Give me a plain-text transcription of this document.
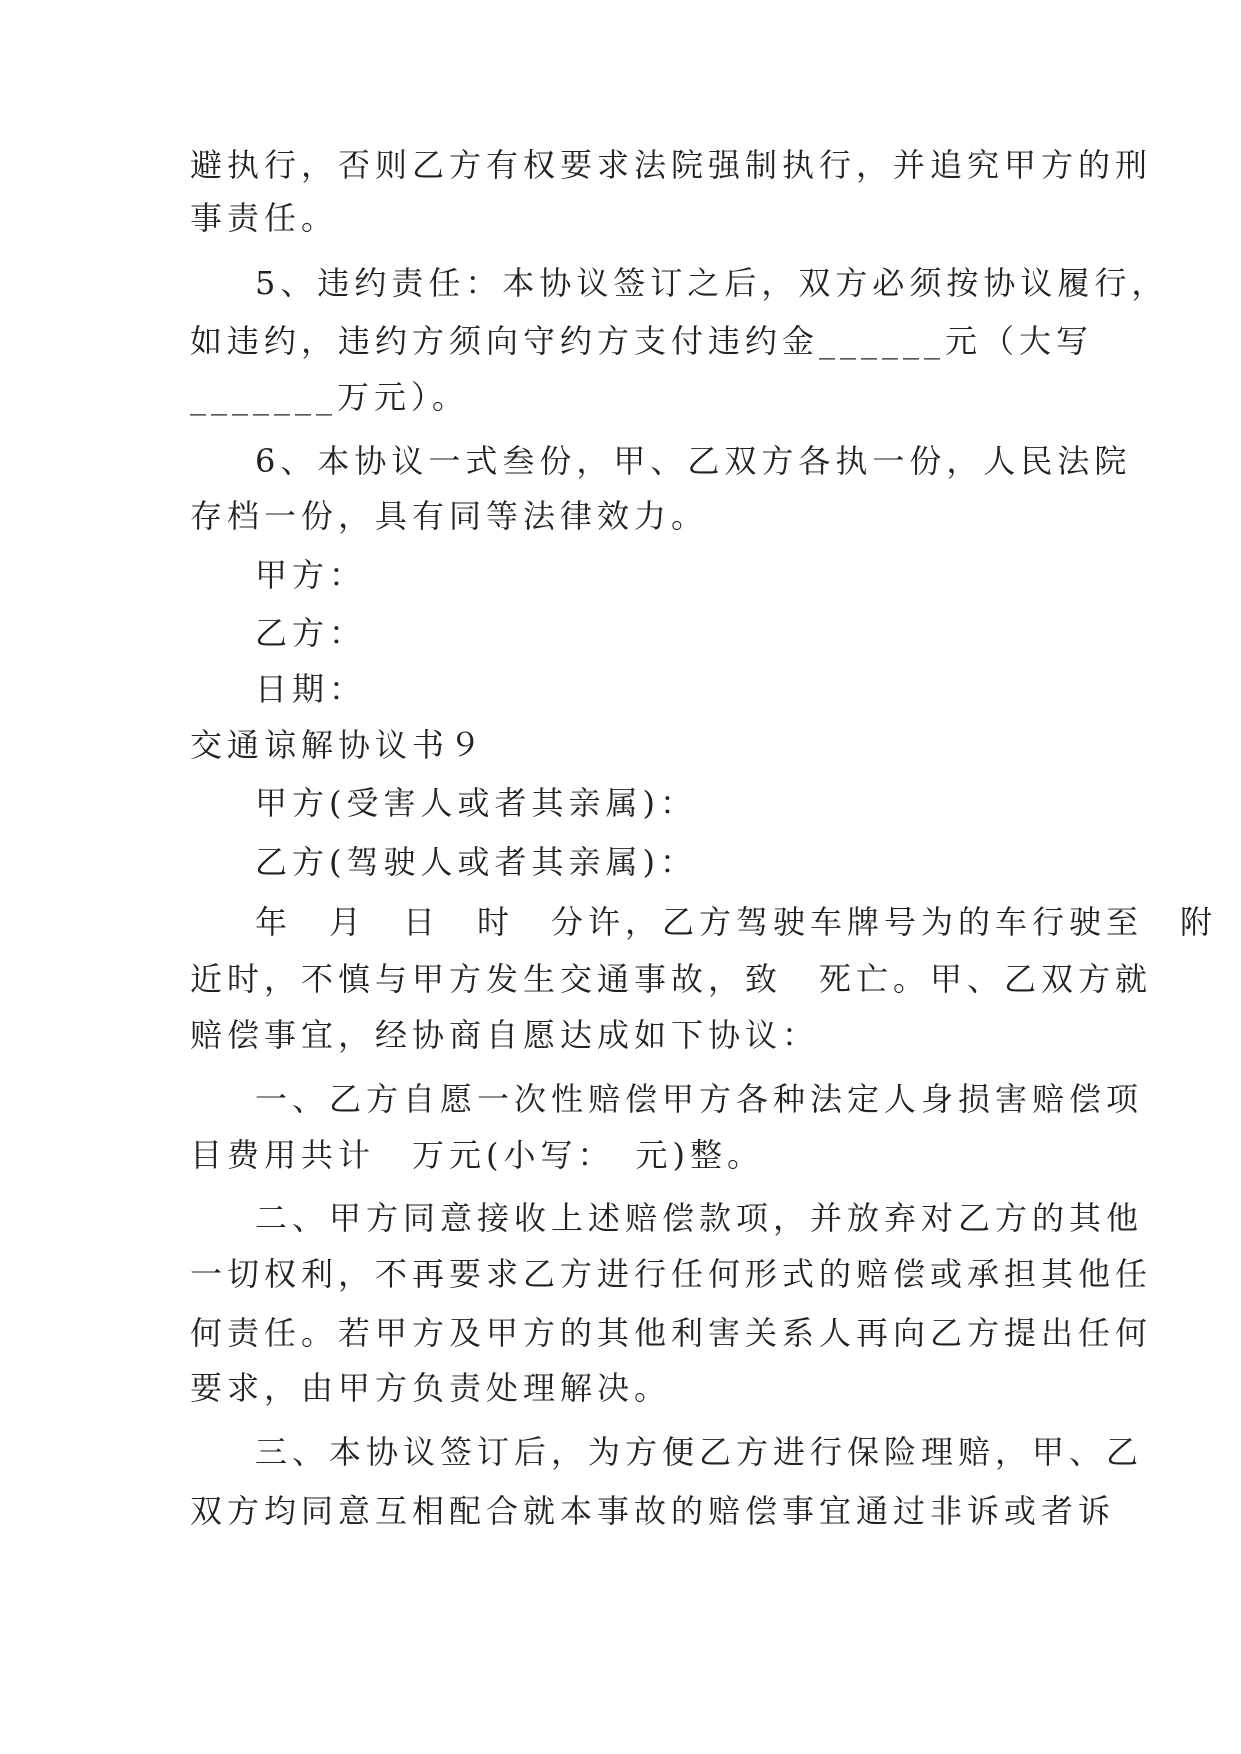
避执行，否则乙方有权要求法院强制执行，并追究甲方的刑
事责任。
5、违约责任：本协议签订之后，双方必须按协议履行，
如违约，违约方须向守约方支付违约金______元（大写
_______万元）。
6、本协议一式叁份，甲、乙双方各执一份，人民法院
存档一份，具有同等法律效力。
甲方：
乙方：
日期：
交通谅解协议书９
甲方(受害人或者其亲属)：
乙方(驾驶人或者其亲属)：
年　月　日　时　分许，乙方驾驶车牌号为的车行驶至　附
近时，不慎与甲方发生交通事故，致　死亡。甲、乙双方就
赔偿事宜，经协商自愿达成如下协议：
一、乙方自愿一次性赔偿甲方各种法定人身损害赔偿项
目费用共计　万元(小写：　元)整。
二、甲方同意接收上述赔偿款项，并放弃对乙方的其他
一切权利，不再要求乙方进行任何形式的赔偿或承担其他任
何责任。若甲方及甲方的其他利害关系人再向乙方提出任何
要求，由甲方负责处理解决。
三、本协议签订后，为方便乙方进行保险理赔，甲、乙
双方均同意互相配合就本事故的赔偿事宜通过非诉或者诉
